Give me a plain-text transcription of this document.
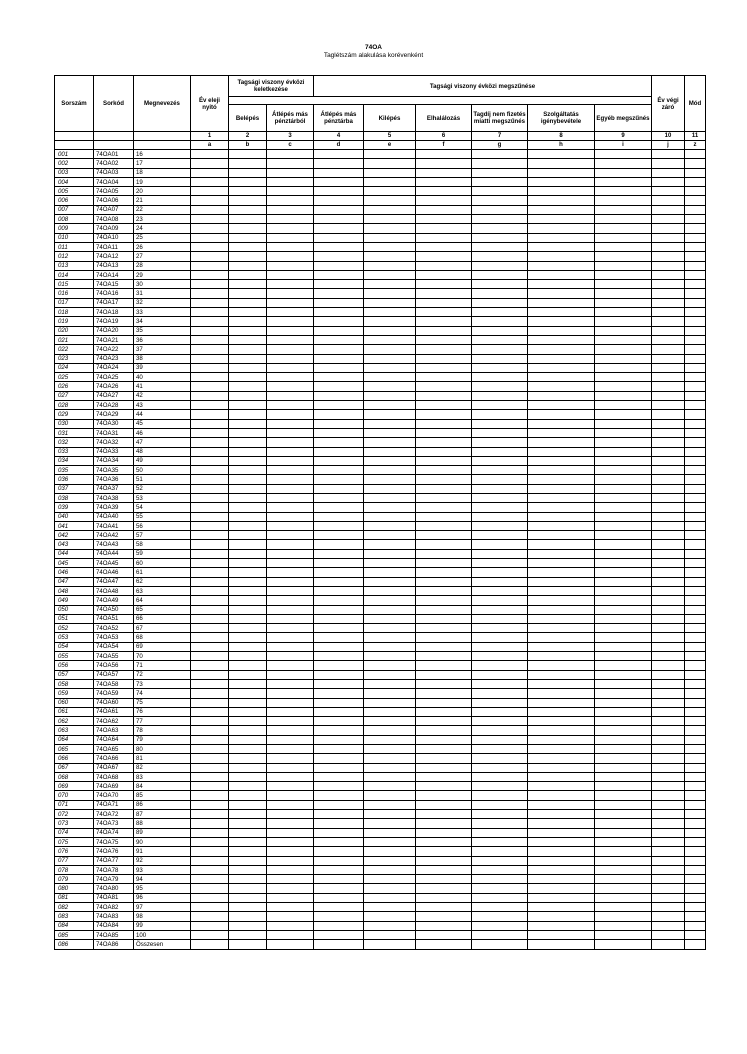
74OA
Taglétszám alakulása korévenként
Sorszám	Sorkód	Megnevezés	Év eleji nyitó	Tagsági viszony évközi keletkezése		Tagsági viszony évközi megszűnése						Év végi záró	Mód

				Belépés	Átlépés más pénztárból	Átlépés más pénztárba	Kilépés	Elhalálozás	Tagdíj nem fizetés miatti megszűnés	Szolgáltatás igénybevétele	Egyéb megszűnés		
			1	2	3	4	5	6	7	8	9	10	11
			a	b	c	d	e	f	g	h	i	j	z
001	74OA01	16											
002	74OA02	17											
003	74OA03	18											
004	74OA04	19											
005	74OA05	20											
006	74OA06	21											
007	74OA07	22											
008	74OA08	23											
009	74OA09	24											
010	74OA10	25											
011	74OA11	26											
012	74OA12	27											
013	74OA13	28											
014	74OA14	29											
015	74OA15	30											
016	74OA16	31											
017	74OA17	32											
018	74OA18	33											
019	74OA19	34											
020	74OA20	35											
021	74OA21	36											
022	74OA22	37											
023	74OA23	38											
024	74OA24	39											
025	74OA25	40											
026	74OA26	41											
027	74OA27	42											
028	74OA28	43											
029	74OA29	44											
030	74OA30	45											
031	74OA31	46											
032	74OA32	47											
033	74OA33	48											
034	74OA34	49											
035	74OA35	50											
036	74OA36	51											
037	74OA37	52											
038	74OA38	53											
039	74OA39	54											
040	74OA40	55											
041	74OA41	56											
042	74OA42	57											
043	74OA43	58											
044	74OA44	59											
045	74OA45	60											
046	74OA46	61											
047	74OA47	62											
048	74OA48	63											
049	74OA49	64											
050	74OA50	65											
051	74OA51	66											
052	74OA52	67											
053	74OA53	68											
054	74OA54	69											
055	74OA55	70											
056	74OA56	71											
057	74OA57	72											
058	74OA58	73											
059	74OA59	74											
060	74OA60	75											
061	74OA61	76											
062	74OA62	77											
063	74OA63	78											
064	74OA64	79											
065	74OA65	80											
066	74OA66	81											
067	74OA67	82											
068	74OA68	83											
069	74OA69	84											
070	74OA70	85											
071	74OA71	86											
072	74OA72	87											
073	74OA73	88											
074	74OA74	89											
075	74OA75	90											
076	74OA76	91											
077	74OA77	92											
078	74OA78	93											
079	74OA79	94											
080	74OA80	95											
081	74OA81	96											
082	74OA82	97											
083	74OA83	98											
084	74OA84	99											
085	74OA85	100											
086	74OA86	Összesen											
